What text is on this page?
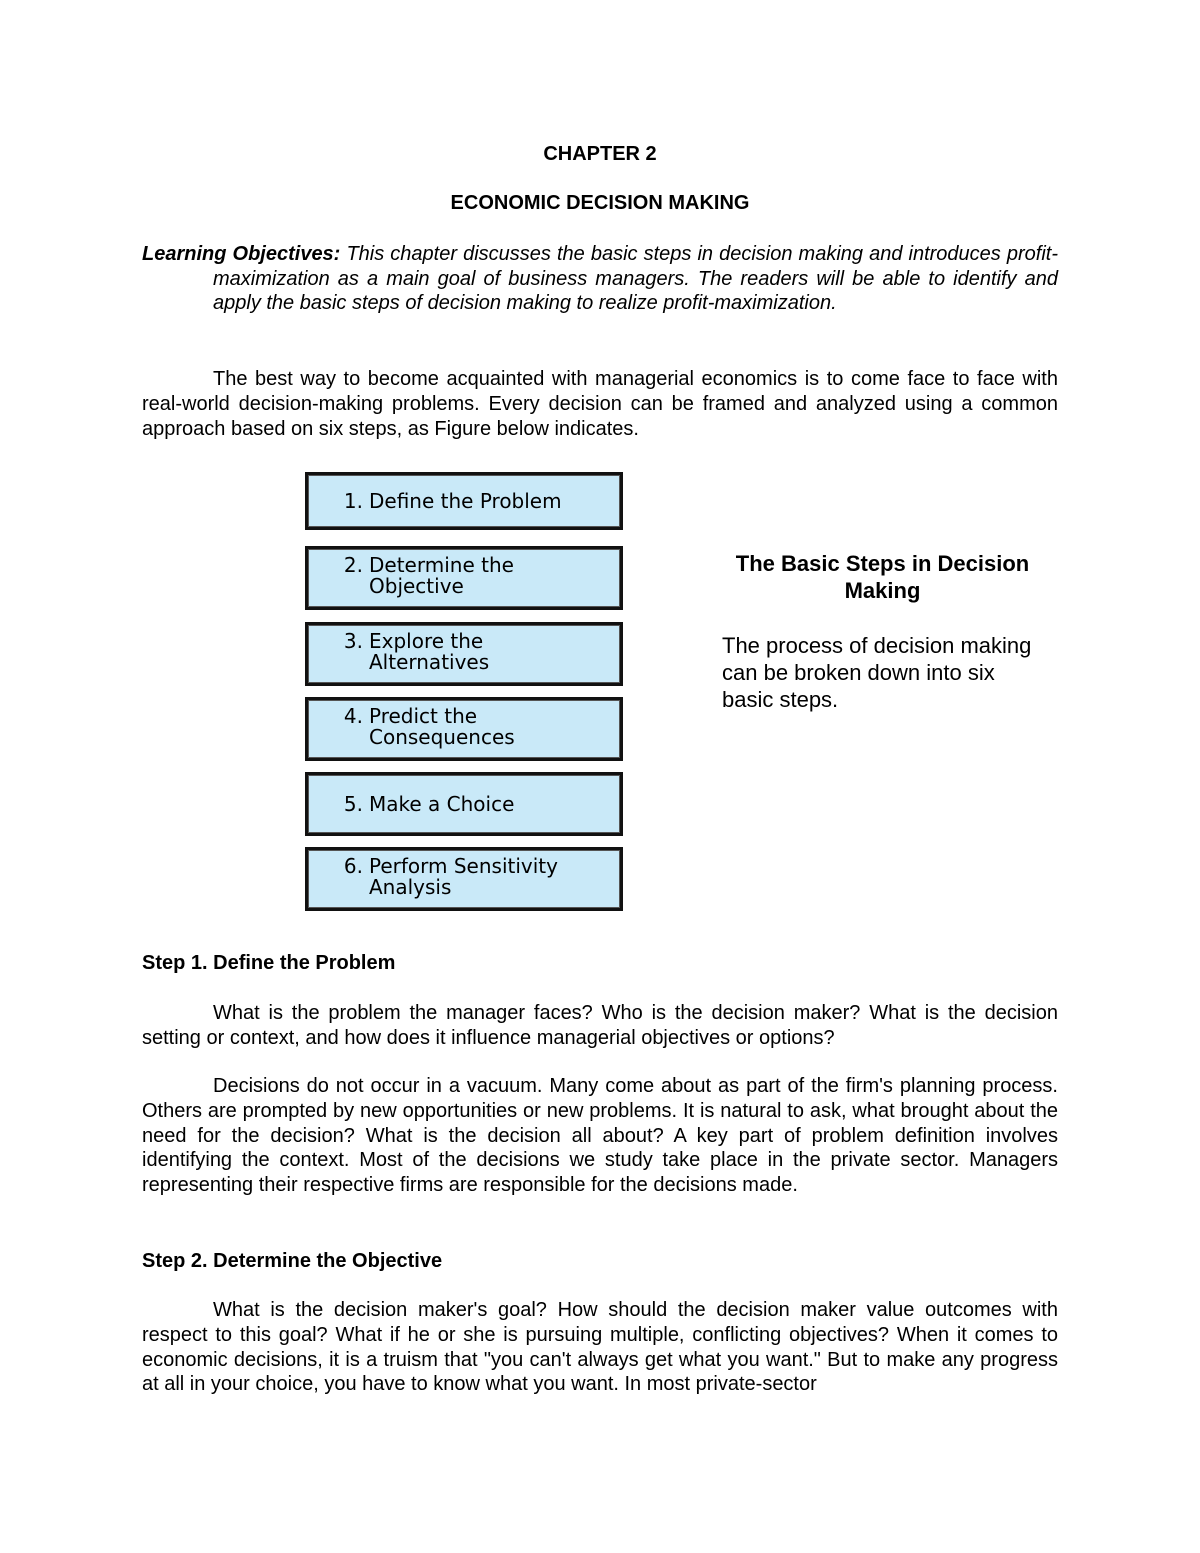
CHAPTER 2
ECONOMIC DECISION MAKING
Learning Objectives: This chapter discusses the basic steps in decision making and introduces profit-maximization as a main goal of business managers. The readers will be able to identify and apply the basic steps of decision making to realize profit-maximization.

The best way to become acquainted with managerial economics is to come face to face with real-world decision-making problems. Every decision can be framed and analyzed using a common approach based on six steps, as Figure below indicates.

1. Define the Problem
2. Determine the Objective
3. Explore the Alternatives
4. Predict the Consequences
5. Make a Choice
6. Perform Sensitivity Analysis
The Basic Steps in Decision Making
The process of decision making can be broken down into six basic steps.
Step 1. Define the Problem

What is the problem the manager faces? Who is the decision maker? What is the decision setting or context, and how does it influence managerial objectives or options?

Decisions do not occur in a vacuum. Many come about as part of the firm's planning process. Others are prompted by new opportunities or new problems. It is natural to ask, what brought about the need for the decision? What is the decision all about? A key part of problem definition involves identifying the context. Most of the decisions we study take place in the private sector. Managers representing their respective firms are responsible for the decisions made.

Step 2. Determine the Objective

What is the decision maker's goal? How should the decision maker value outcomes with respect to this goal? What if he or she is pursuing multiple, conflicting objectives? When it comes to economic decisions, it is a truism that "you can't always get what you want." But to make any progress at all in your choice, you have to know what you want. In most private-sector
